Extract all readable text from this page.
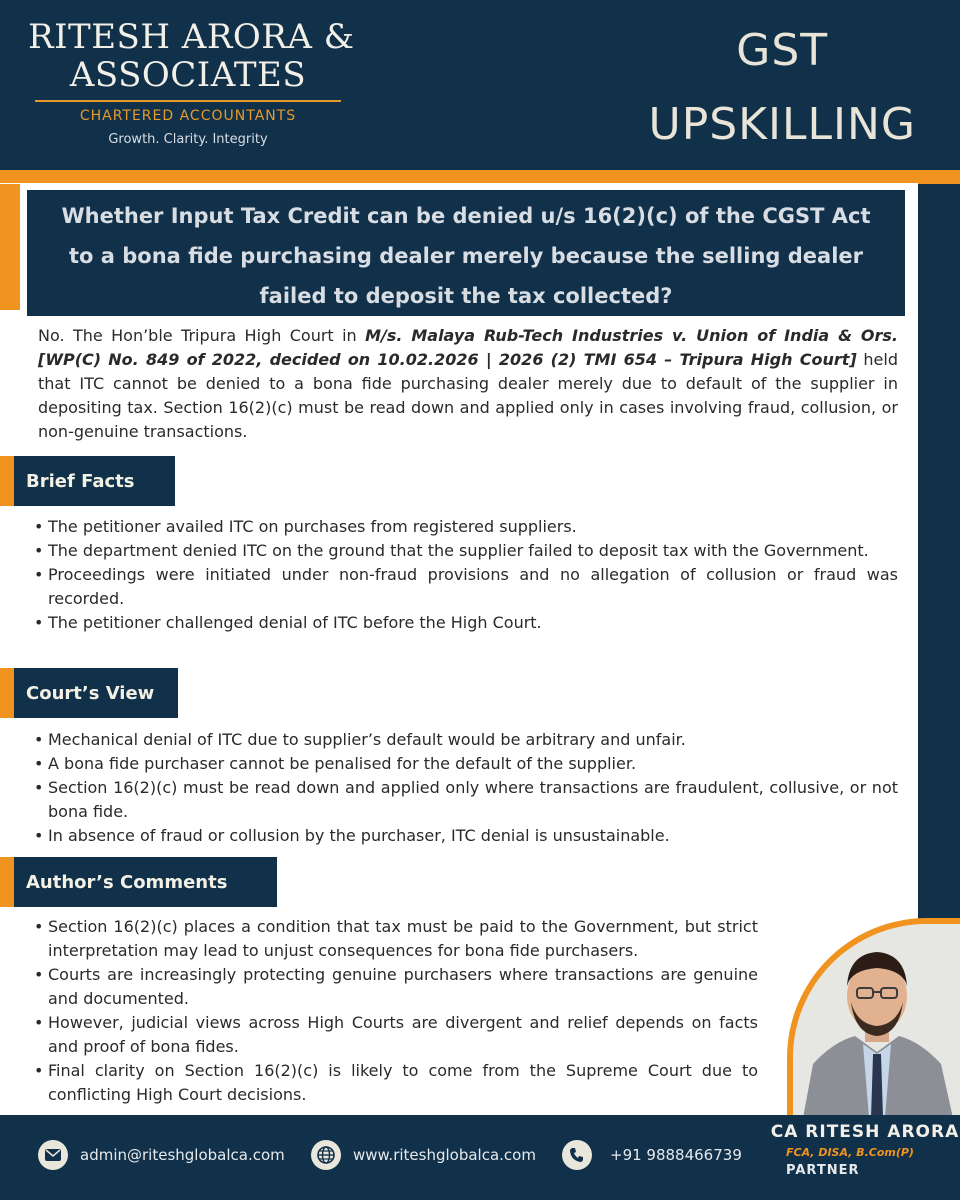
RITESH ARORA &
ASSOCIATES
CHARTERED ACCOUNTANTS
Growth. Clarity. Integrity
GST
UPSKILLING
Whether Input Tax Credit can be denied u/s 16(2)(c) of the CGST Act to a bona fide purchasing dealer merely because the selling dealer failed to deposit the tax collected?

No. The Hon’ble Tripura High Court in M/s. Malaya Rub-Tech Industries v. Union of India & Ors. [WP(C) No. 849 of 2022, decided on 10.02.2026 | 2026 (2) TMI 654 – Tripura High Court] held that ITC cannot be denied to a bona fide purchasing dealer merely due to default of the supplier in depositing tax. Section 16(2)(c) must be read down and applied only in cases involving fraud, collusion, or non-genuine transactions.

Brief Facts
• The petitioner availed ITC on purchases from registered suppliers.
• The department denied ITC on the ground that the supplier failed to deposit tax with the Government.
• Proceedings were initiated under non-fraud provisions and no allegation of collusion or fraud was recorded.
• The petitioner challenged denial of ITC before the High Court.
Court’s View
• Mechanical denial of ITC due to supplier’s default would be arbitrary and unfair.
• A bona fide purchaser cannot be penalised for the default of the supplier.
• Section 16(2)(c) must be read down and applied only where transactions are fraudulent, collusive, or not bona fide.
• In absence of fraud or collusion by the purchaser, ITC denial is unsustainable.
Author’s Comments
• Section 16(2)(c) places a condition that tax must be paid to the Government, but strict interpretation may lead to unjust consequences for bona fide purchasers.
• Courts are increasingly protecting genuine purchasers where transactions are genuine and documented.
• However, judicial views across High Courts are divergent and relief depends on facts and proof of bona fides.
• Final clarity on Section 16(2)(c) is likely to come from the Supreme Court due to conflicting High Court decisions.
admin@riteshglobalca.com	www.riteshglobalca.com	+91 9888466739
CA RITESH ARORA
FCA, DISA, B.Com(P)
PARTNER
